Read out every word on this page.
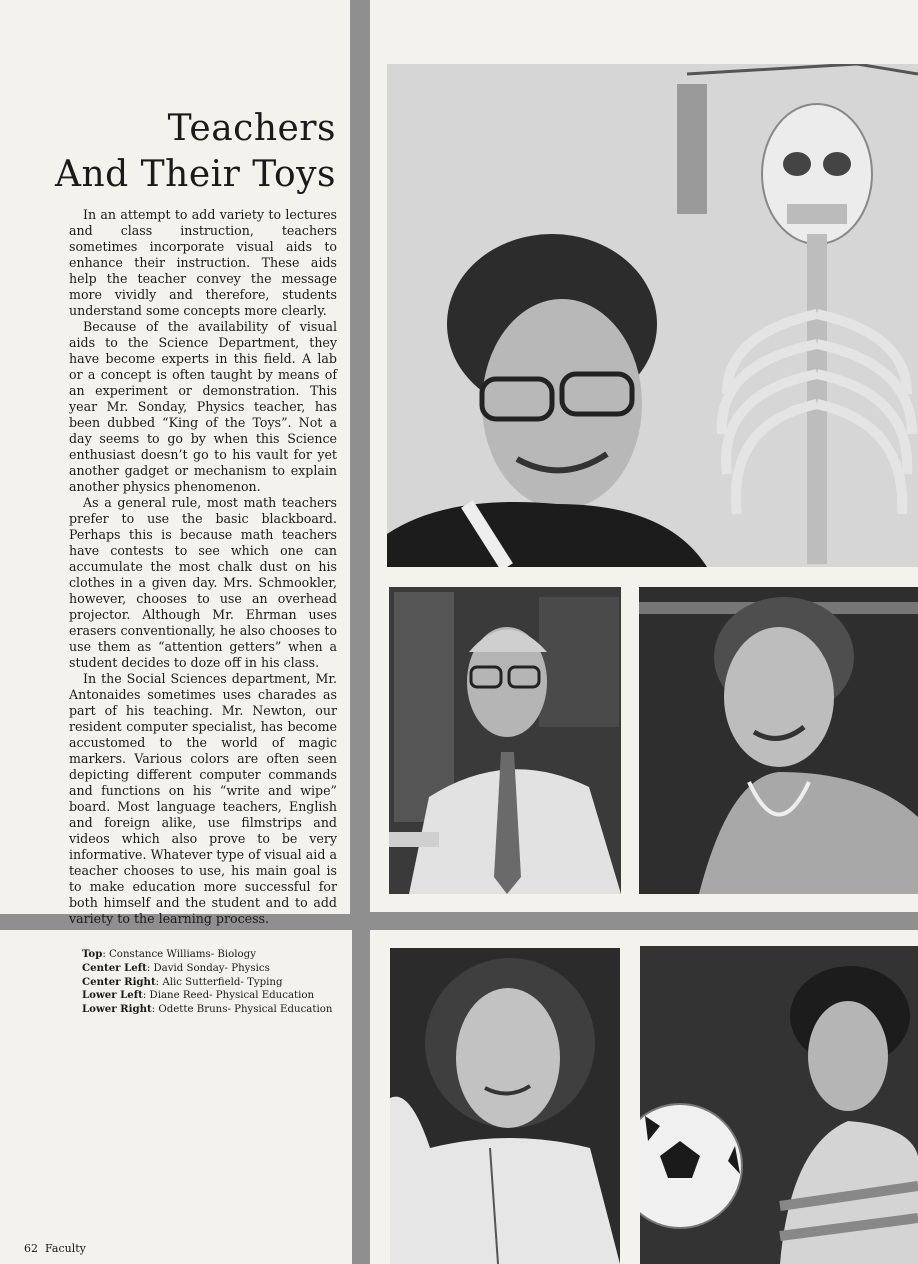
Teachers
And Their Toys

In an attempt to add variety to lectures and class instruction, teachers sometimes incorporate visual aids to enhance their instruction. These aids help the teacher convey the message more vividly and therefore, students understand some concepts more clearly.

Because of the availability of visual aids to the Science Department, they have become experts in this field. A lab or a concept is often taught by means of an experiment or demonstration. This year Mr. Sonday, Physics teacher, has been dubbed “King of the Toys”. Not a day seems to go by when this Science enthusiast doesn’t go to his vault for yet another gadget or mechanism to explain another physics phenomenon.

As a general rule, most math teachers prefer to use the basic blackboard. Perhaps this is because math teachers have contests to see which one can accumulate the most chalk dust on his clothes in a given day. Mrs. Schmookler, however, chooses to use an overhead projector. Although Mr. Ehrman uses erasers conventionally, he also chooses to use them as “attention getters” when a student decides to doze off in his class.

In the Social Sciences department, Mr. Antonaides sometimes uses charades as part of his teaching. Mr. Newton, our resident computer specialist, has become accustomed to the world of magic markers. Various colors are often seen depicting different computer commands and functions on his “write and wipe” board. Most language teachers, English and foreign alike, use filmstrips and videos which also prove to be very informative. Whatever type of visual aid a teacher chooses to use, his main goal is to make education more successful for both himself and the student and to add variety to the learning process.

Top: Constance Williams- Biology
Center Left: David Sonday- Physics
Center Right: Alic Sutterfield- Typing
Lower Left: Diane Reed- Physical Education
Lower Right: Odette Bruns- Physical Education
62 Faculty
